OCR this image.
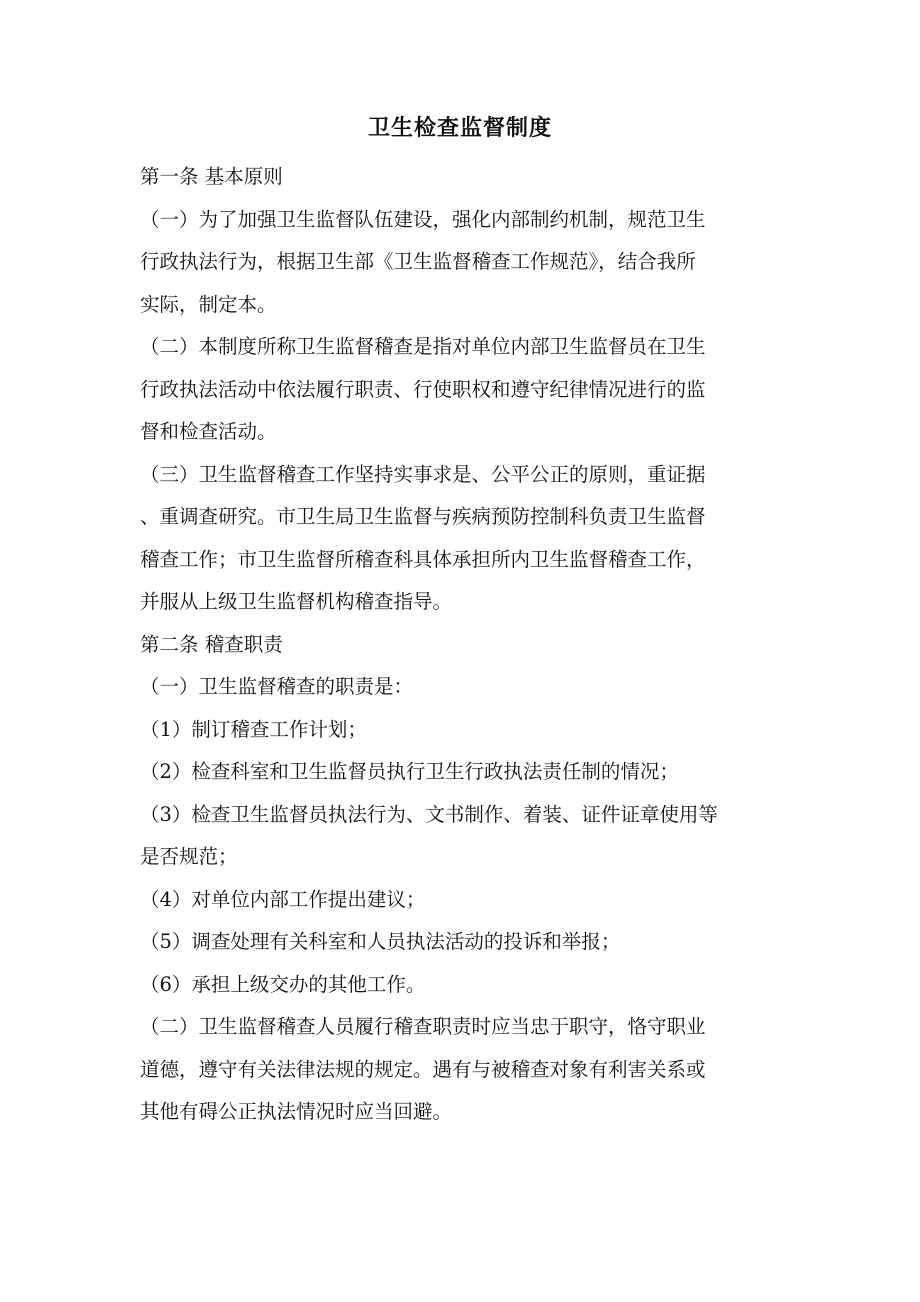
卫生检查监督制度

第一条 基本原则

（一）为了加强卫生监督队伍建设，强化内部制约机制，规范卫生
行政执法行为，根据卫生部《卫生监督稽查工作规范》，结合我所
实际，制定本。

（二）本制度所称卫生监督稽查是指对单位内部卫生监督员在卫生
行政执法活动中依法履行职责、行使职权和遵守纪律情况进行的监
督和检查活动。

（三）卫生监督稽查工作坚持实事求是、公平公正的原则，重证据
、重调查研究。市卫生局卫生监督与疾病预防控制科负责卫生监督
稽查工作；市卫生监督所稽查科具体承担所内卫生监督稽查工作，
并服从上级卫生监督机构稽查指导。

第二条 稽查职责

（一）卫生监督稽查的职责是：

（1）制订稽查工作计划；

（2）检查科室和卫生监督员执行卫生行政执法责任制的情况；

（3）检查卫生监督员执法行为、文书制作、着装、证件证章使用等
是否规范；

（4）对单位内部工作提出建议；

（5）调查处理有关科室和人员执法活动的投诉和举报；

（6）承担上级交办的其他工作。

（二）卫生监督稽查人员履行稽查职责时应当忠于职守，恪守职业
道德，遵守有关法律法规的规定。遇有与被稽查对象有利害关系或
其他有碍公正执法情况时应当回避。
